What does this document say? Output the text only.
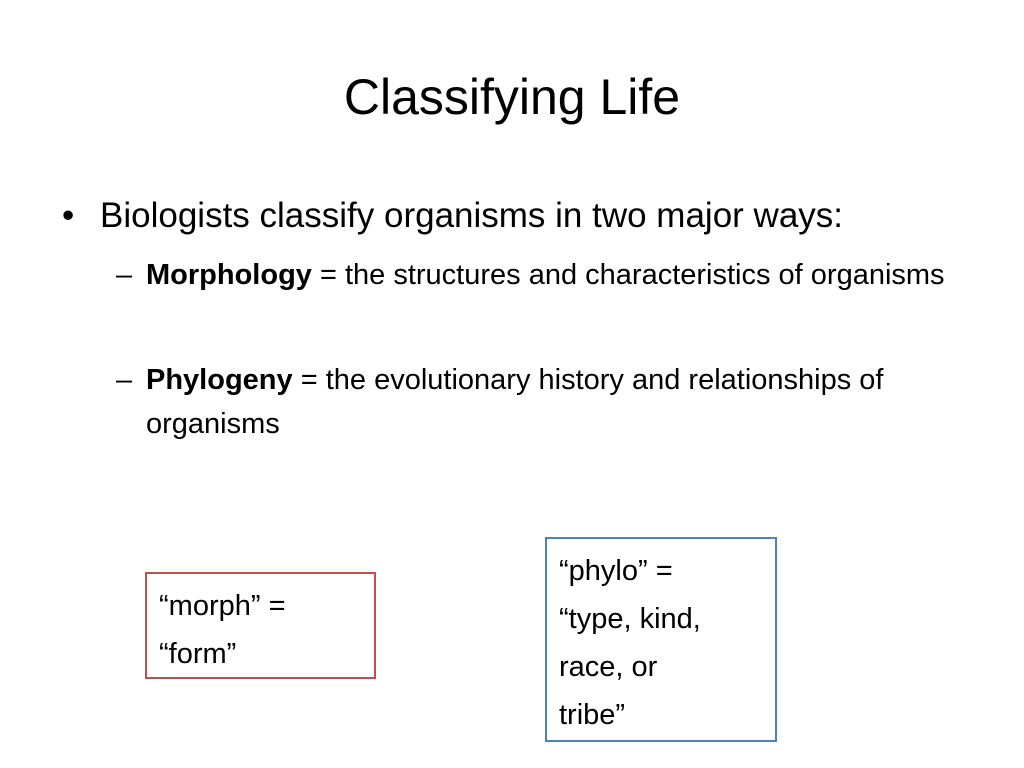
Classifying Life
• Biologists classify organisms in two major ways:
– Morphology = the structures and characteristics of organisms
– Phylogeny = the evolutionary history and relationships of organisms
“morph” =
“form”
“phylo” =
“type, kind,
race, or
tribe”
